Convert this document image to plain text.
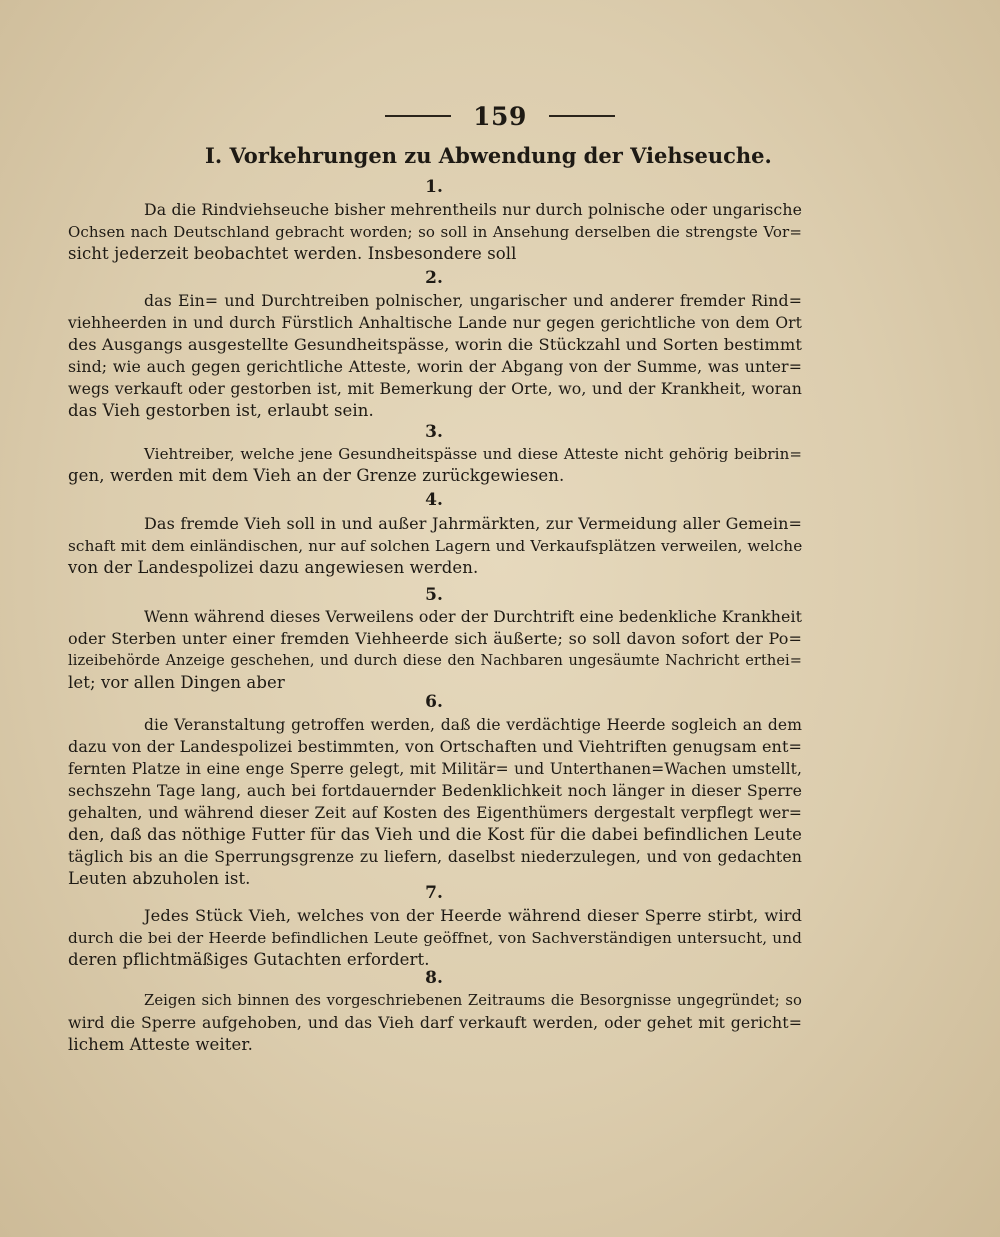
159
I. Vorkehrungen zu Abwendung der Viehseuche.
1.
Da die Rindviehseuche bisher mehrentheils nur durch polnische oder ungarische
Ochsen nach Deutschland gebracht worden; so soll in Ansehung derselben die strengste Vor=
sicht jederzeit beobachtet werden. Insbesondere soll
2.
das Ein= und Durchtreiben polnischer, ungarischer und anderer fremder Rind=
viehheerden in und durch Fürstlich Anhaltische Lande nur gegen gerichtliche von dem Ort
des Ausgangs ausgestellte Gesundheitspässe, worin die Stückzahl und Sorten bestimmt
sind; wie auch gegen gerichtliche Atteste, worin der Abgang von der Summe, was unter=
wegs verkauft oder gestorben ist, mit Bemerkung der Orte, wo, und der Krankheit, woran
das Vieh gestorben ist, erlaubt sein.
3.
Viehtreiber, welche jene Gesundheitspässe und diese Atteste nicht gehörig beibrin=
gen, werden mit dem Vieh an der Grenze zurückgewiesen.
4.
Das fremde Vieh soll in und außer Jahrmärkten, zur Vermeidung aller Gemein=
schaft mit dem einländischen, nur auf solchen Lagern und Verkaufsplätzen verweilen, welche
von der Landespolizei dazu angewiesen werden.
5.
Wenn während dieses Verweilens oder der Durchtrift eine bedenkliche Krankheit
oder Sterben unter einer fremden Viehheerde sich äußerte; so soll davon sofort der Po=
lizeibehörde Anzeige geschehen, und durch diese den Nachbaren ungesäumte Nachricht erthei=
let; vor allen Dingen aber
6.
die Veranstaltung getroffen werden, daß die verdächtige Heerde sogleich an dem
dazu von der Landespolizei bestimmten, von Ortschaften und Viehtriften genugsam ent=
fernten Platze in eine enge Sperre gelegt, mit Militär= und Unterthanen=Wachen umstellt,
sechszehn Tage lang, auch bei fortdauernder Bedenklichkeit noch länger in dieser Sperre
gehalten, und während dieser Zeit auf Kosten des Eigenthümers dergestalt verpflegt wer=
den, daß das nöthige Futter für das Vieh und die Kost für die dabei befindlichen Leute
täglich bis an die Sperrungsgrenze zu liefern, daselbst niederzulegen, und von gedachten
Leuten abzuholen ist.
7.
Jedes Stück Vieh, welches von der Heerde während dieser Sperre stirbt, wird
durch die bei der Heerde befindlichen Leute geöffnet, von Sachverständigen untersucht, und
deren pflichtmäßiges Gutachten erfordert.
8.
Zeigen sich binnen des vorgeschriebenen Zeitraums die Besorgnisse ungegründet; so
wird die Sperre aufgehoben, und das Vieh darf verkauft werden, oder gehet mit gericht=
lichem Atteste weiter.
